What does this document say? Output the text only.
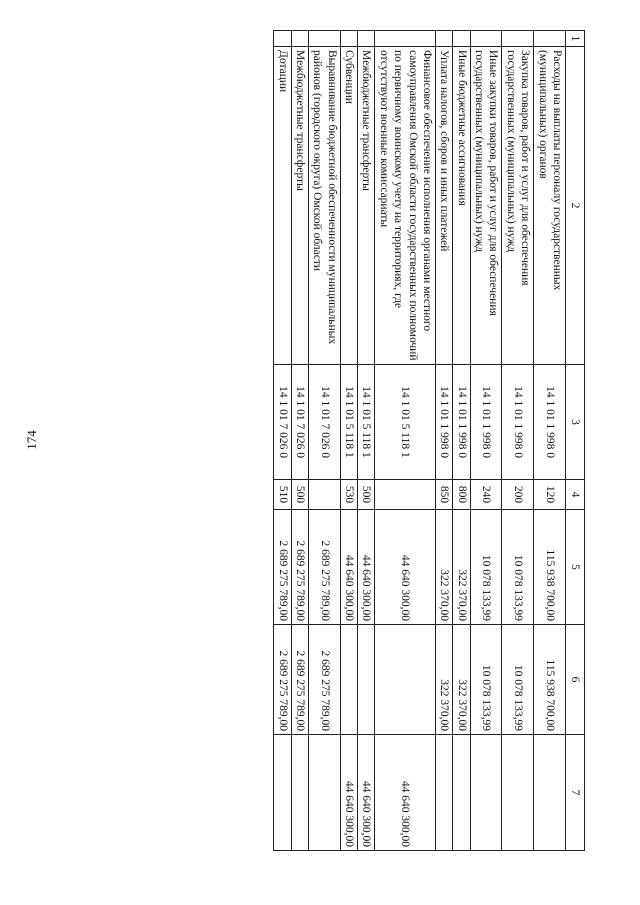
174
1	2	3	4	5	6	7
	Расходы на выплаты персоналу государственных (муниципальных) органов	14 1 01 1 998 0	120	115 938 700,00	115 938 700,00	
	Закупка товаров, работ и услуг для обеспечения государственных (муниципальных) нужд	14 1 01 1 998 0	200	10 078 133,99	10 078 133,99	
	Иные закупки товаров, работ и услуг для обеспечения государственных (муниципальных) нужд	14 1 01 1 998 0	240	10 078 133,99	10 078 133,99	
	Иные бюджетные ассигнования	14 1 01 1 998 0	800	322 370,00	322 370,00	
	Уплата налогов, сборов и иных платежей	14 1 01 1 998 0	850	322 370,00	322 370,00	
	Финансовое обеспечение исполнения органами местного самоуправления Омской области государственных полномочий по первичному воинскому учету на территориях, где отсутствуют военные комиссариаты	14 1 01 5 118 1		44 640 300,00		44 640 300,00
	Межбюджетные трансферты	14 1 01 5 118 1	500	44 640 300,00		44 640 300,00
	Субвенции	14 1 01 5 118 1	530	44 640 300,00		44 640 300,00
	Выравнивание бюджетной обеспеченности муниципальных районов (городского округа) Омской области	14 1 01 7 026 0		2 689 275 789,00	2 689 275 789,00	
	Межбюджетные трансферты	14 1 01 7 026 0	500	2 689 275 789,00	2 689 275 789,00	
	Дотации	14 1 01 7 026 0	510	2 689 275 789,00	2 689 275 789,00	
